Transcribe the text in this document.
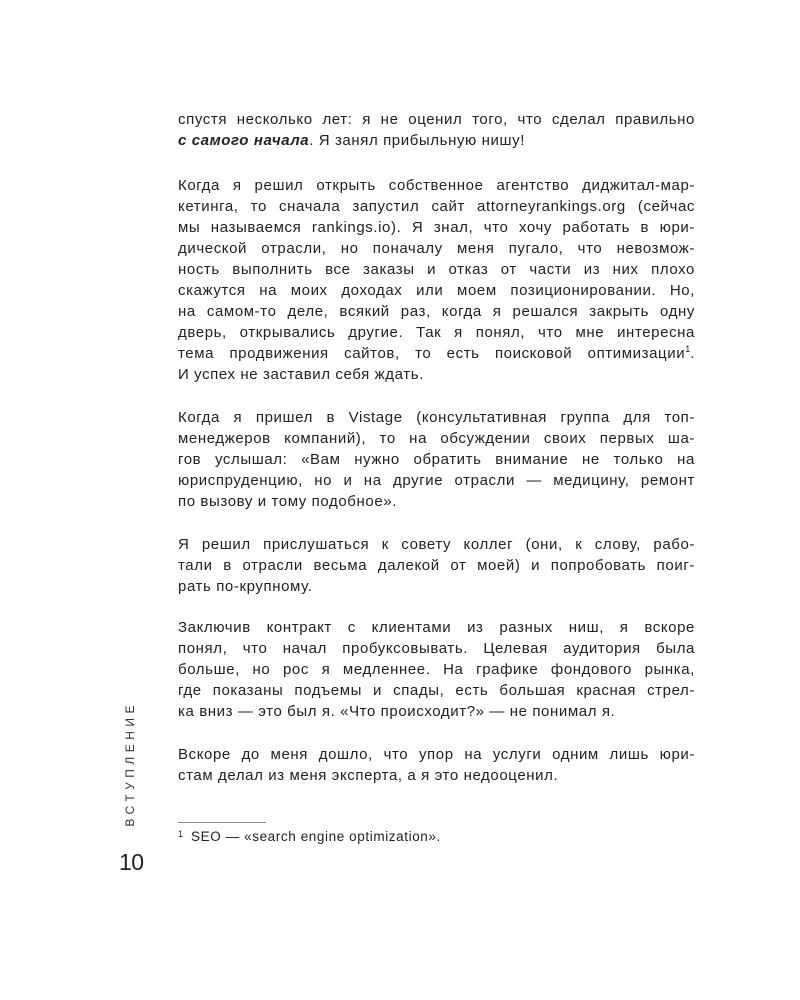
спустя несколько лет: я не оценил того, что сделал правильно
с самого начала. Я занял прибыльную нишу!
Когда я решил открыть собственное агентство диджитал-мар-
кетинга, то сначала запустил сайт attorneyrankings.org (сейчас
мы называемся rankings.io). Я знал, что хочу работать в юри-
дической отрасли, но поначалу меня пугало, что невозмож-
ность выполнить все заказы и отказ от части из них плохо
скажутся на моих доходах или моем позиционировании. Но,
на самом-то деле, всякий раз, когда я решался закрыть одну
дверь, открывались другие. Так я понял, что мне интересна
тема продвижения сайтов, то есть поисковой оптимизации$^1$.
И успех не заставил себя ждать.
Когда я пришел в Vistage (консультативная группа для топ-
менеджеров компаний), то на обсуждении своих первых ша-
гов услышал: «Вам нужно обратить внимание не только на
юриспруденцию, но и на другие отрасли — медицину, ремонт
по вызову и тому подобное».
Я решил прислушаться к совету коллег (они, к слову, рабо-
тали в отрасли весьма далекой от моей) и попробовать поиг-
рать по-крупному.
Заключив контракт с клиентами из разных ниш, я вскоре
понял, что начал пробуксовывать. Целевая аудитория была
больше, но рос я медленнее. На графике фондового рынка,
где показаны подъемы и спады, есть большая красная стрел-
ка вниз — это был я. «Что происходит?» — не понимал я.
Вскоре до меня дошло, что упор на услуги одним лишь юри-
стам делал из меня эксперта, а я это недооценил.
1 SEO — «search engine optimization».
ВСТУПЛЕНИЕ
10
